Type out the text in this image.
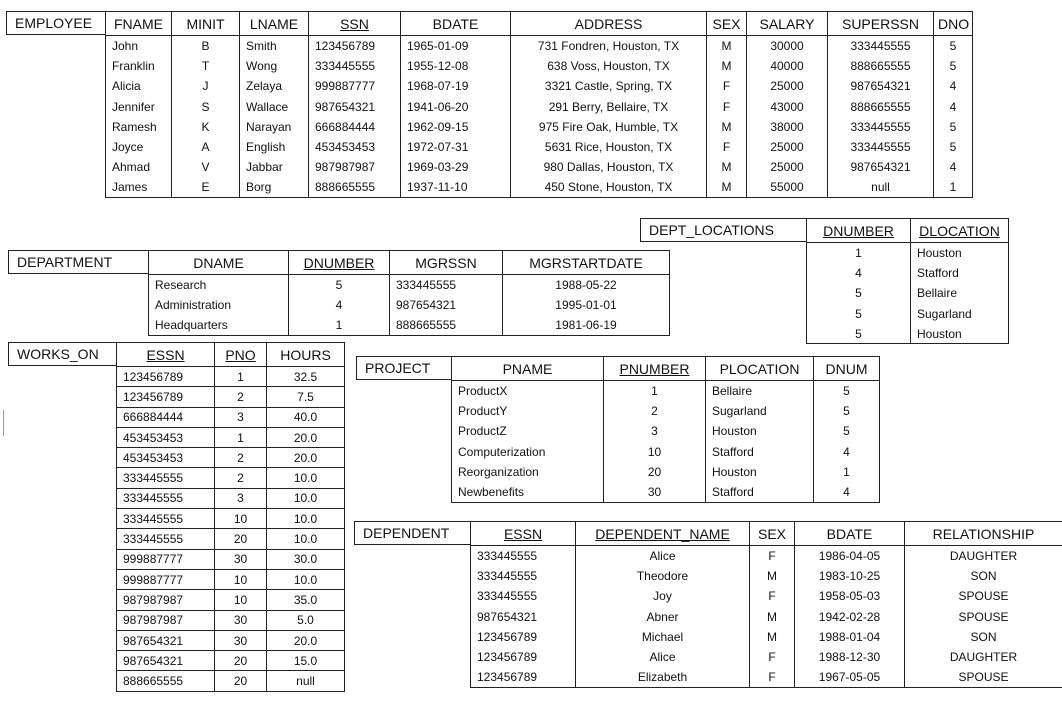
EMPLOYEE	FNAME	MINIT	LNAME	SSN	BDATE	ADDRESS	SEX	SALARY	SUPERSSN	DNO
John	B	Smith	123456789	1965-01-09	731 Fondren, Houston, TX	M	30000	333445555	5
Franklin	T	Wong	333445555	1955-12-08	638 Voss, Houston, TX	M	40000	888665555	5
Alicia	J	Zelaya	999887777	1968-07-19	3321 Castle, Spring, TX	F	25000	987654321	4
Jennifer	S	Wallace	987654321	1941-06-20	291 Berry, Bellaire, TX	F	43000	888665555	4
Ramesh	K	Narayan	666884444	1962-09-15	975 Fire Oak, Humble, TX	M	38000	333445555	5
Joyce	A	English	453453453	1972-07-31	5631 Rice, Houston, TX	F	25000	333445555	5
Ahmad	V	Jabbar	987987987	1969-03-29	980 Dallas, Houston, TX	M	25000	987654321	4
James	E	Borg	888665555	1937-11-10	450 Stone, Houston, TX	M	55000	null	1
DEPT_LOCATIONS	DNUMBER	DLOCATION
1	Houston
4	Stafford
5	Bellaire
5	Sugarland
5	Houston
DEPARTMENT	DNAME	DNUMBER	MGRSSN	MGRSTARTDATE
Research	5	333445555	1988-05-22
Administration	4	987654321	1995-01-01
Headquarters	1	888665555	1981-06-19
WORKS_ON	ESSN	PNO	HOURS
123456789	1	32.5
123456789	2	7.5
666884444	3	40.0
453453453	1	20.0
453453453	2	20.0
333445555	2	10.0
333445555	3	10.0
333445555	10	10.0
333445555	20	10.0
999887777	30	30.0
999887777	10	10.0
987987987	10	35.0
987987987	30	5.0
987654321	30	20.0
987654321	20	15.0
888665555	20	null
PROJECT	PNAME	PNUMBER	PLOCATION	DNUM
ProductX	1	Bellaire	5
ProductY	2	Sugarland	5
ProductZ	3	Houston	5
Computerization	10	Stafford	4
Reorganization	20	Houston	1
Newbenefits	30	Stafford	4
DEPENDENT	ESSN	DEPENDENT_NAME	SEX	BDATE	RELATIONSHIP
333445555	Alice	F	1986-04-05	DAUGHTER
333445555	Theodore	M	1983-10-25	SON
333445555	Joy	F	1958-05-03	SPOUSE
987654321	Abner	M	1942-02-28	SPOUSE
123456789	Michael	M	1988-01-04	SON
123456789	Alice	F	1988-12-30	DAUGHTER
123456789	Elizabeth	F	1967-05-05	SPOUSE
